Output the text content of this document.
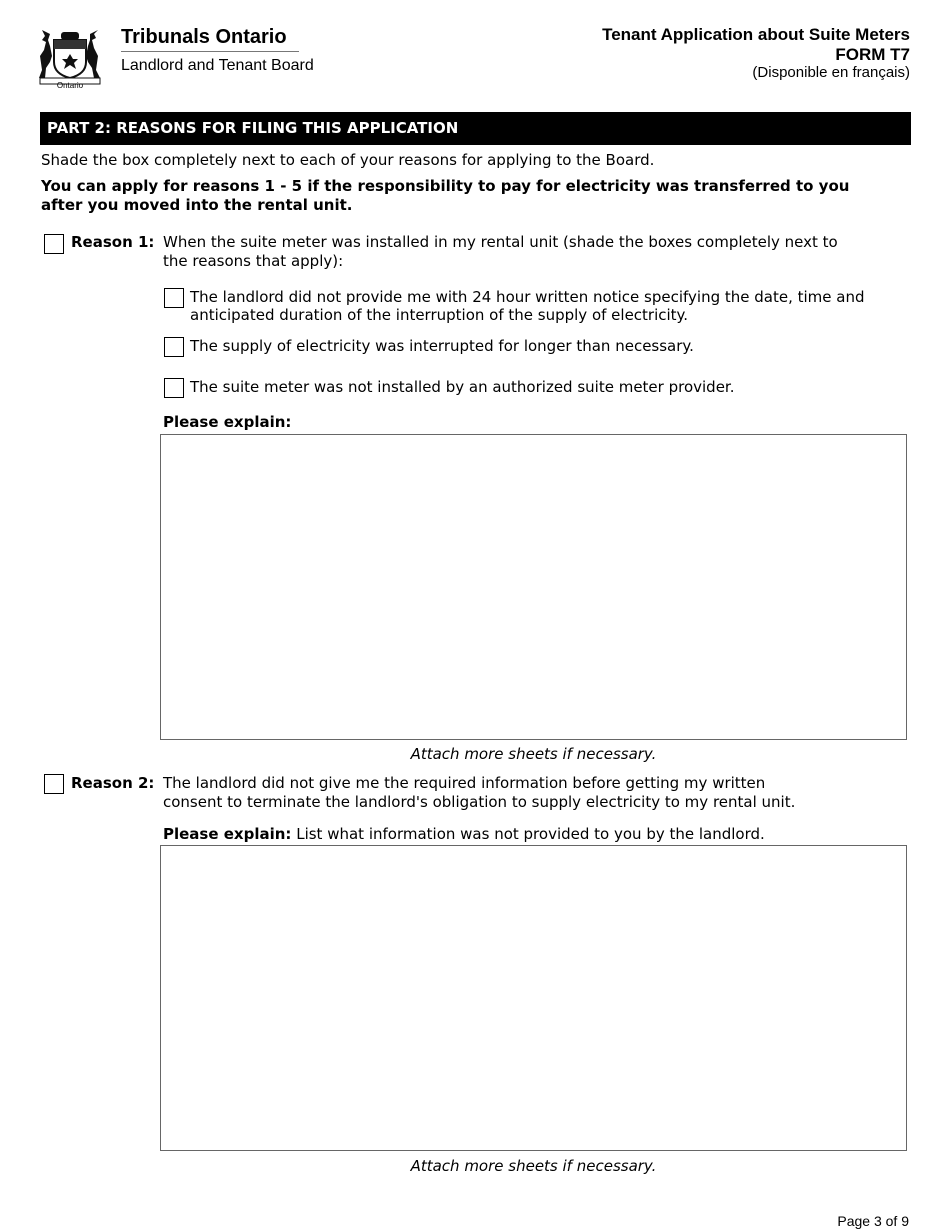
Ontario
Tribunals Ontario
Landlord and Tenant Board
Tenant Application about Suite Meters
FORM T7
(Disponible en français)
PART 2: REASONS FOR FILING THIS APPLICATION
Shade the box completely next to each of your reasons for applying to the Board.
You can apply for reasons 1 - 5 if the responsibility to pay for electricity was transferred to you
after you moved into the rental unit.
Reason 1: When the suite meter was installed in my rental unit (shade the boxes completely next to
the reasons that apply):
The landlord did not provide me with 24 hour written notice specifying the date, time and
anticipated duration of the interruption of the supply of electricity.
The supply of electricity was interrupted for longer than necessary.
The suite meter was not installed by an authorized suite meter provider.
Please explain:
Attach more sheets if necessary.
Reason 2: The landlord did not give me the required information before getting my written
consent to terminate the landlord's obligation to supply electricity to my rental unit.
Please explain: List what information was not provided to you by the landlord.
Attach more sheets if necessary.
Page 3 of 9
